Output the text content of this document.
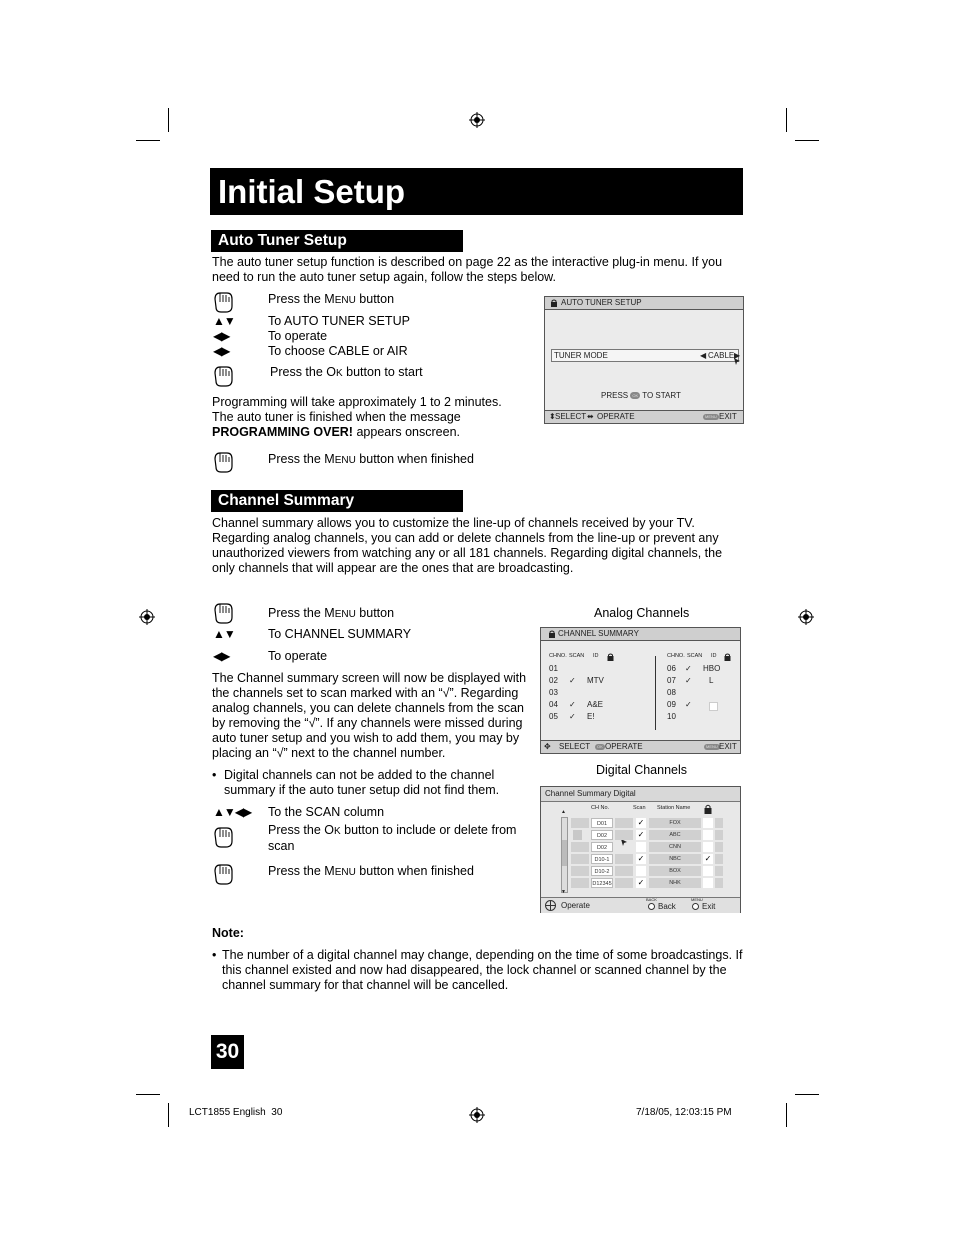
Initial Setup
Auto Tuner Setup
The auto tuner setup function is described on page 22 as the interactive plug-in menu. If you need to run the auto tuner setup again, follow the steps below.
Press the MENU button
▲▼	To AUTO TUNER SETUP
◀▶	To operate
◀▶	To choose CABLE or AIR
Press the OK button to start
Programming will take approximately 1 to 2 minutes.
The auto tuner is finished when the message
PROGRAMMING OVER! appears onscreen.
Press the MENU button when finished
AUTO TUNER SETUP
TUNER MODE	◀ CABLE ▶
PRESS OK TO START
⬍ SELECT ⬌ OPERATE	MENU EXIT
Channel Summary
Channel summary allows you to customize the line-up of channels received by your TV. Regarding analog channels, you can add or delete channels from the line-up or prevent any unauthorized viewers from watching any or all 181 channels. Regarding digital channels, the only channels that will appear are the ones that are broadcasting.
Press the MENU button
▲▼	To CHANNEL SUMMARY
◀▶	To operate
The Channel summary screen will now be displayed with the channels set to scan marked with an “√”. Regarding analog channels, you can delete channels from the scan by removing the “√”. If any channels were missed during auto tuner setup and you wish to add them, you may by placing an “√” next to the channel number.
• Digital channels can not be added to the channel summary if the auto tuner setup did not find them.
▲▼◀▶ To the SCAN column
Press the OK button to include or delete from scan
Press the MENU button when finished
Analog Channels
CHANNEL SUMMARY
CHNO. SCAN ID	CHNO. SCAN ID
01
02 ✓ MTV
03
04 ✓ A&E
05 ✓ E!
06 ✓ HBO
07 ✓ L
08
09 ✓
10
✥ SELECT	OK OPERATE	MENU EXIT
Digital Channels
Channel Summary Digital
CH No.	Scan Station Name
▲
▼
D01	✓	FOX
D02	✓	ABC
D02	CNN
D10-1	✓	NBC	✓
D10-2	BOX
D12345	✓	NHK
Operate
BACK
Back
MENU
Exit
Note:
• The number of a digital channel may change, depending on the time of some broadcastings. If this channel existed and now had disappeared, the lock channel or scanned channel by the channel summary for that channel will be cancelled.
30
LCT1855 English  30	7/18/05, 12:03:15 PM
